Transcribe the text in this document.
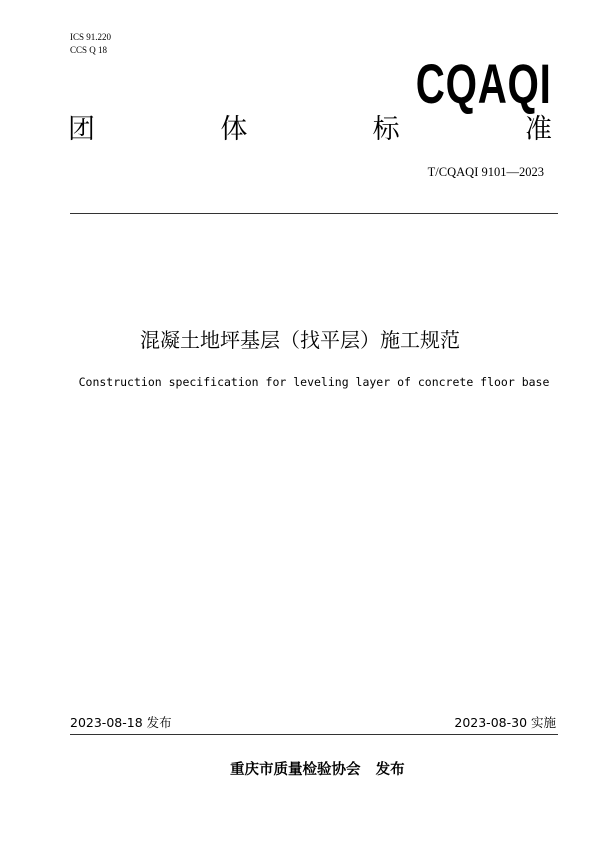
ICS 91.220
CCS Q 18
CQAQI
团	体	标	准
T/CQAQI 9101—2023
混凝土地坪基层（找平层）施工规范
Construction specification for leveling layer of concrete floor base
2023-08-18 发布	2023-08-30 实施
重庆市质量检验协会   发布
